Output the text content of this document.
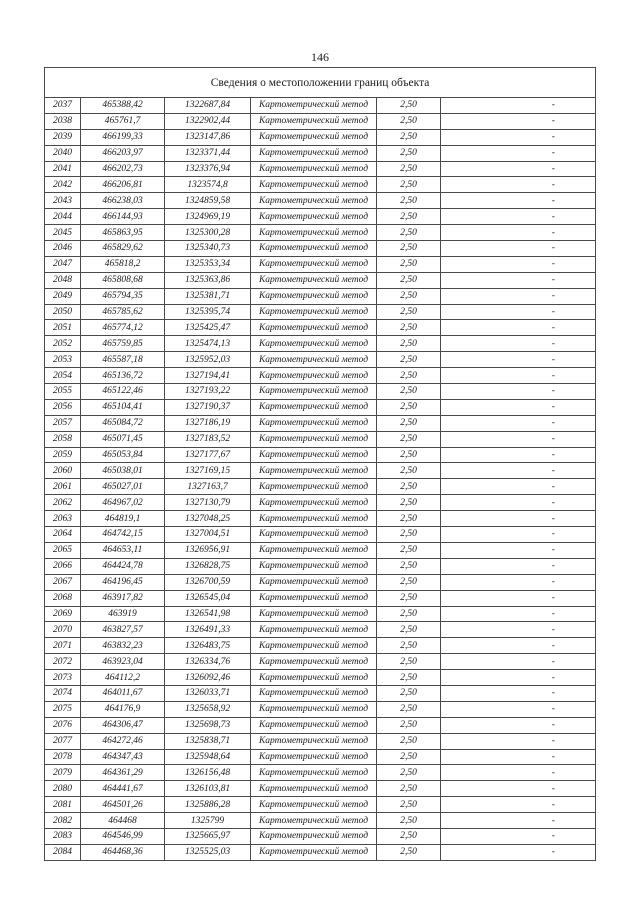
146
Сведения о местоположении границ объекта						
2037	465388,42	1322687,84	Картометрический метод	2,50		-
2038	465761,7	1322902,44	Картометрический метод	2,50		-
2039	466199,33	1323147,86	Картометрический метод	2,50		-
2040	466203,97	1323371,44	Картометрический метод	2,50		-
2041	466202,73	1323376,94	Картометрический метод	2,50		-
2042	466206,81	1323574,8	Картометрический метод	2,50		-
2043	466238,03	1324859,58	Картометрический метод	2,50		-
2044	466144,93	1324969,19	Картометрический метод	2,50		-
2045	465863,95	1325300,28	Картометрический метод	2,50		-
2046	465829,62	1325340,73	Картометрический метод	2,50		-
2047	465818,2	1325353,34	Картометрический метод	2,50		-
2048	465808,68	1325363,86	Картометрический метод	2,50		-
2049	465794,35	1325381,71	Картометрический метод	2,50		-
2050	465785,62	1325395,74	Картометрический метод	2,50		-
2051	465774,12	1325425,47	Картометрический метод	2,50		-
2052	465759,85	1325474,13	Картометрический метод	2,50		-
2053	465587,18	1325952,03	Картометрический метод	2,50		-
2054	465136,72	1327194,41	Картометрический метод	2,50		-
2055	465122,46	1327193,22	Картометрический метод	2,50		-
2056	465104,41	1327190,37	Картометрический метод	2,50		-
2057	465084,72	1327186,19	Картометрический метод	2,50		-
2058	465071,45	1327183,52	Картометрический метод	2,50		-
2059	465053,84	1327177,67	Картометрический метод	2,50		-
2060	465038,01	1327169,15	Картометрический метод	2,50		-
2061	465027,01	1327163,7	Картометрический метод	2,50		-
2062	464967,02	1327130,79	Картометрический метод	2,50		-
2063	464819,1	1327048,25	Картометрический метод	2,50		-
2064	464742,15	1327004,51	Картометрический метод	2,50		-
2065	464653,11	1326956,91	Картометрический метод	2,50		-
2066	464424,78	1326828,75	Картометрический метод	2,50		-
2067	464196,45	1326700,59	Картометрический метод	2,50		-
2068	463917,82	1326545,04	Картометрический метод	2,50		-
2069	463919	1326541,98	Картометрический метод	2,50		-
2070	463827,57	1326491,33	Картометрический метод	2,50		-
2071	463832,23	1326483,75	Картометрический метод	2,50		-
2072	463923,04	1326334,76	Картометрический метод	2,50		-
2073	464112,2	1326092,46	Картометрический метод	2,50		-
2074	464011,67	1326033,71	Картометрический метод	2,50		-
2075	464176,9	1325658,92	Картометрический метод	2,50		-
2076	464306,47	1325698,73	Картометрический метод	2,50		-
2077	464272,46	1325838,71	Картометрический метод	2,50		-
2078	464347,43	1325948,64	Картометрический метод	2,50		-
2079	464361,29	1326156,48	Картометрический метод	2,50		-
2080	464441,67	1326103,81	Картометрический метод	2,50		-
2081	464501,26	1325886,28	Картометрический метод	2,50		-
2082	464468	1325799	Картометрический метод	2,50		-
2083	464546,99	1325665,97	Картометрический метод	2,50		-
2084	464468,36	1325525,03	Картометрический метод	2,50		-
